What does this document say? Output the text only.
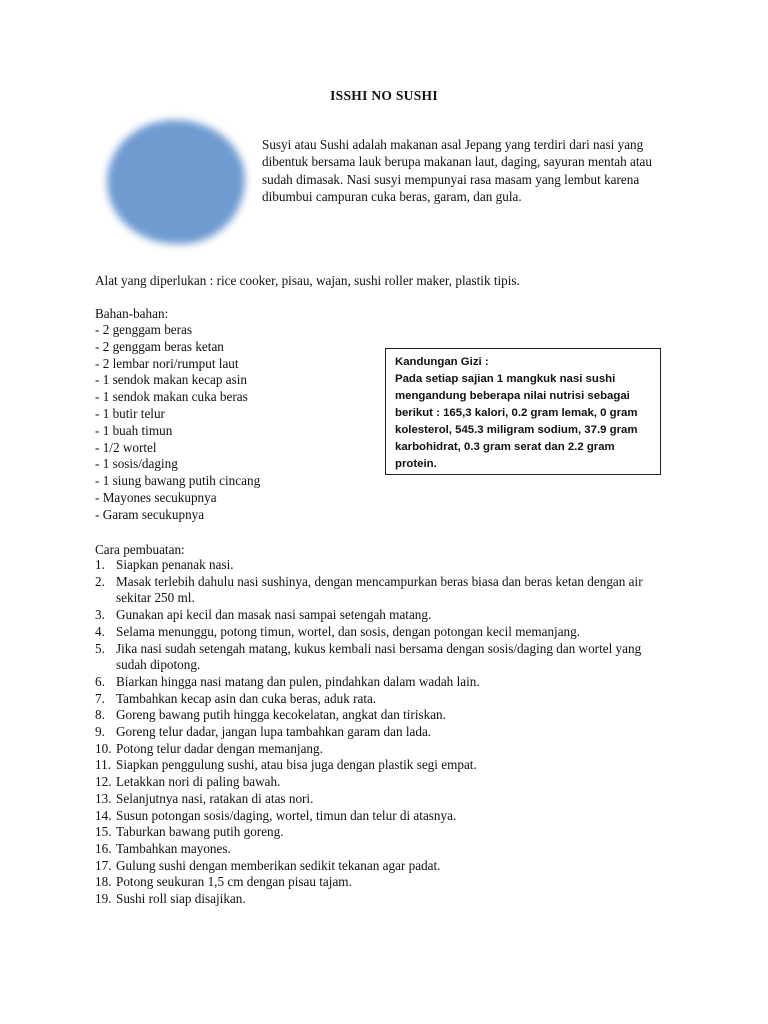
ISSHI NO SUSHI

Susyi atau Sushi adalah makanan asal Jepang yang terdiri dari nasi yang dibentuk bersama lauk berupa makanan laut, daging, sayuran mentah atau sudah dimasak. Nasi susyi mempunyai rasa masam yang lembut karena dibumbui campuran cuka beras, garam, dan gula.

Alat yang diperlukan : rice cooker, pisau, wajan, sushi roller maker, plastik tipis.

Bahan-bahan:

- 2 genggam beras
- 2 genggam beras ketan
- 2 lembar nori/rumput laut
- 1 sendok makan kecap asin
- 1 sendok makan cuka beras
- 1 butir telur
- 1 buah timun
- 1/2 wortel
- 1 sosis/daging
- 1 siung bawang putih cincang
- Mayones secukupnya
- Garam secukupnya

Kandungan Gizi :

Pada setiap sajian 1 mangkuk nasi sushi mengandung beberapa nilai nutrisi sebagai berikut : 165,3 kalori, 0.2 gram lemak, 0 gram kolesterol, 545.3 miligram sodium, 37.9 gram karbohidrat, 0.3 gram serat dan 2.2 gram protein.

Cara pembuatan:

1. Siapkan penanak nasi.
2. Masak terlebih dahulu nasi sushinya, dengan mencampurkan beras biasa dan beras ketan dengan air sekitar 250 ml.
3. Gunakan api kecil dan masak nasi sampai setengah matang.
4. Selama menunggu, potong timun, wortel, dan sosis, dengan potongan kecil memanjang.
5. Jika nasi sudah setengah matang, kukus kembali nasi bersama dengan sosis/daging dan wortel yang sudah dipotong.
6. Biarkan hingga nasi matang dan pulen, pindahkan dalam wadah lain.
7. Tambahkan kecap asin dan cuka beras, aduk rata.
8. Goreng bawang putih hingga kecokelatan, angkat dan tiriskan.
9. Goreng telur dadar, jangan lupa tambahkan garam dan lada.
10. Potong telur dadar dengan memanjang.
11. Siapkan penggulung sushi, atau bisa juga dengan plastik segi empat.
12. Letakkan nori di paling bawah.
13. Selanjutnya nasi, ratakan di atas nori.
14. Susun potongan sosis/daging, wortel, timun dan telur di atasnya.
15. Taburkan bawang putih goreng.
16. Tambahkan mayones.
17. Gulung sushi dengan memberikan sedikit tekanan agar padat.
18. Potong seukuran 1,5 cm dengan pisau tajam.
19. Sushi roll siap disajikan.
